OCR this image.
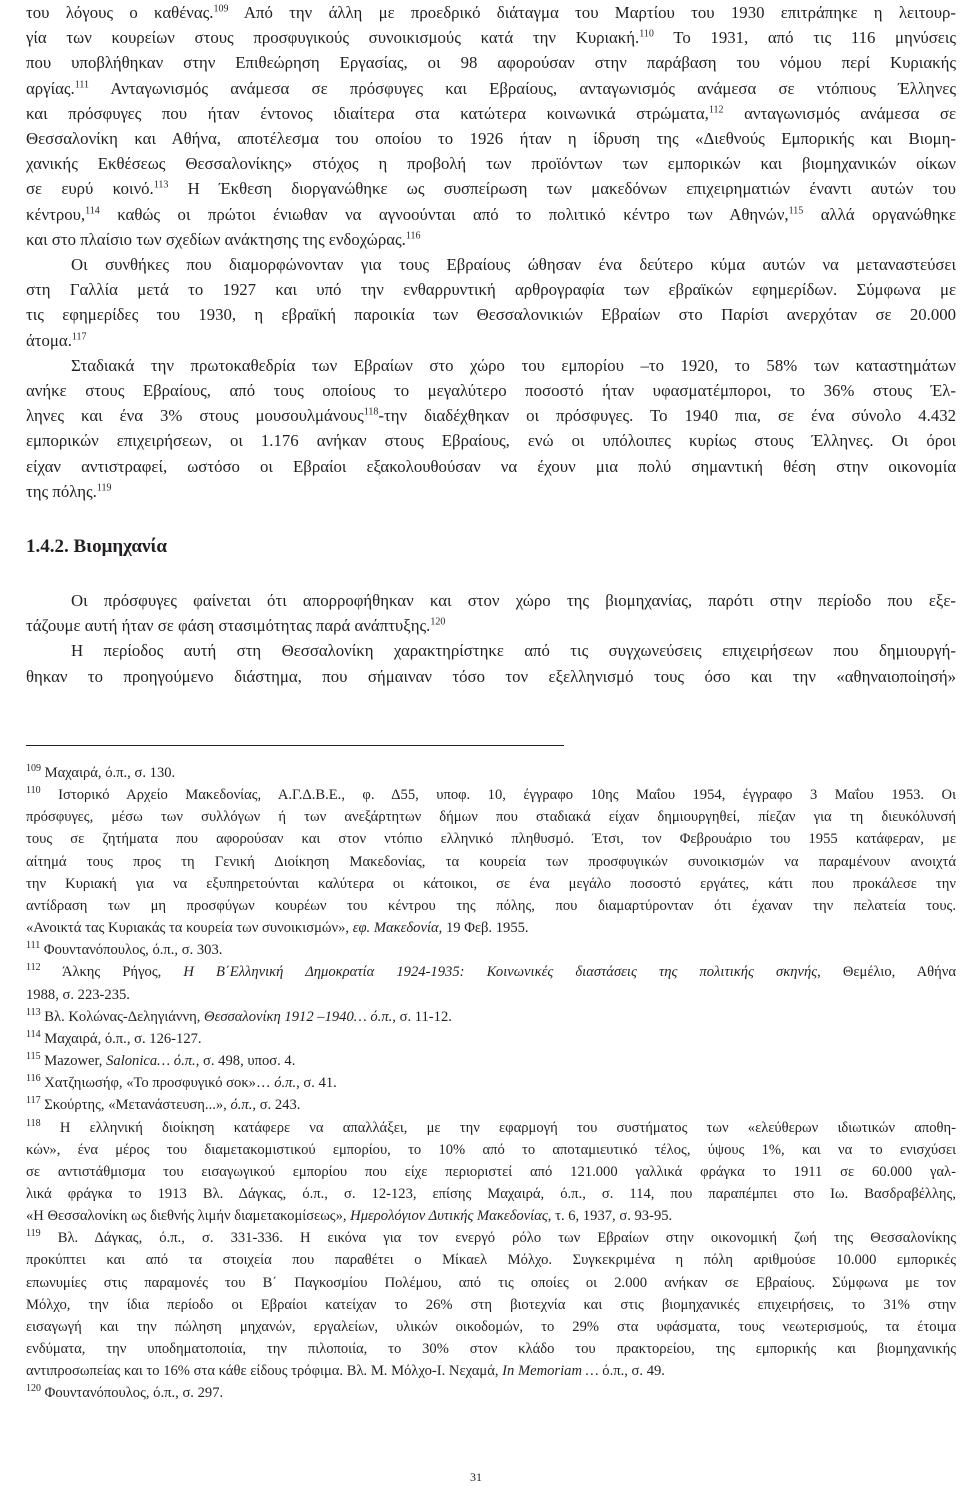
του λόγους ο καθένας.$^{109}$ Από την άλλη με προεδρικό διάταγμα του Μαρτίου του 1930 επιτράπηκε η λειτουρ-
γία των κουρείων στους προσφυγικούς συνοικισμούς κατά την Κυριακή.$^{110}$ Το 1931, από τις 116 μηνύσεις
που υποβλήθηκαν στην Επιθεώρηση Εργασίας, οι 98 αφορούσαν στην παράβαση του νόμου περί Κυριακής
αργίας.$^{111}$ Ανταγωνισμός ανάμεσα σε πρόσφυγες και Εβραίους, ανταγωνισμός ανάμεσα σε ντόπιους Έλληνες
και πρόσφυγες που ήταν έντονος ιδιαίτερα στα κατώτερα κοινωνικά στρώματα,$^{112}$ ανταγωνισμός ανάμεσα σε
Θεσσαλονίκη και Αθήνα, αποτέλεσμα του οποίου το 1926 ήταν η ίδρυση της «Διεθνούς Εμπορικής και Βιομη-
χανικής Εκθέσεως Θεσσαλονίκης» στόχος η προβολή των προϊόντων των εμπορικών και βιομηχανικών οίκων
σε ευρύ κοινό.$^{113}$ Η Έκθεση διοργανώθηκε ως συσπείρωση των μακεδόνων επιχειρηματιών έναντι αυτών του
κέντρου,$^{114}$ καθώς οι πρώτοι ένιωθαν να αγνοούνται από το πολιτικό κέντρο των Αθηνών,$^{115}$ αλλά οργανώθηκε
και στο πλαίσιο των σχεδίων ανάκτησης της ενδοχώρας.$^{116}$
Οι συνθήκες που διαμορφώνονταν για τους Εβραίους ώθησαν ένα δεύτερο κύμα αυτών να μεταναστεύσει
στη Γαλλία μετά το 1927 και υπό την ενθαρρυντική αρθρογραφία των εβραϊκών εφημερίδων. Σύμφωνα με
τις εφημερίδες του 1930, η εβραϊκή παροικία των Θεσσαλονικιών Εβραίων στο Παρίσι ανερχόταν σε 20.000
άτομα.$^{117}$
Σταδιακά την πρωτοκαθεδρία των Εβραίων στο χώρο του εμπορίου –το 1920, το 58% των καταστημάτων
ανήκε στους Εβραίους, από τους οποίους το μεγαλύτερο ποσοστό ήταν υφασματέμποροι, το 36% στους Έλ-
ληνες και ένα 3% στους μουσουλμάνους$^{118}$-την διαδέχθηκαν οι πρόσφυγες. Το 1940 πια, σε ένα σύνολο 4.432
εμπορικών επιχειρήσεων, οι 1.176 ανήκαν στους Εβραίους, ενώ οι υπόλοιπες κυρίως στους Έλληνες. Οι όροι
είχαν αντιστραφεί, ωστόσο οι Εβραίοι εξακολουθούσαν να έχουν μια πολύ σημαντική θέση στην οικονομία
της πόλης.$^{119}$
1.4.2. Βιομηχανία
Οι πρόσφυγες φαίνεται ότι απορροφήθηκαν και στον χώρο της βιομηχανίας, παρότι στην περίοδο που εξε-
τάζουμε αυτή ήταν σε φάση στασιμότητας παρά ανάπτυξης.$^{120}$
Η περίοδος αυτή στη Θεσσαλονίκη χαρακτηρίστηκε από τις συγχωνεύσεις επιχειρήσεων που δημιουργή-
θηκαν το προηγούμενο διάστημα, που σήμαιναν τόσο τον εξελληνισμό τους όσο και την «αθηναιοποίησή»
$^{109}$ Μαχαιρά, ό.π., σ. 130.
$^{110}$ Ιστορικό Αρχείο Μακεδονίας, Α.Γ.Δ.Β.Ε., φ. Δ55, υποφ. 10, έγγραφο 10ης Μαΐου 1954, έγγραφο 3 Μαΐου 1953. Οι
πρόσφυγες, μέσω των συλλόγων ή των ανεξάρτητων δήμων που σταδιακά είχαν δημιουργηθεί, πίεζαν για τη διευκόλυνσή
τους σε ζητήματα που αφορούσαν και στον ντόπιο ελληνικό πληθυσμό. Έτσι, τον Φεβρουάριο του 1955 κατάφεραν, με
αίτημά τους προς τη Γενική Διοίκηση Μακεδονίας, τα κουρεία των προσφυγικών συνοικισμών να παραμένουν ανοιχτά
την Κυριακή για να εξυπηρετούνται καλύτερα οι κάτοικοι, σε ένα μεγάλο ποσοστό εργάτες, κάτι που προκάλεσε την
αντίδραση των μη προσφύγων κουρέων του κέντρου της πόλης, που διαμαρτύρονταν ότι έχαναν την πελατεία τους.
«Ανοικτά τας Κυριακάς τα κουρεία των συνοικισμών», εφ. Μακεδονία, 19 Φεβ. 1955.
$^{111}$ Φουντανόπουλος, ό.π., σ. 303.
$^{112}$ Άλκης Ρήγος, Η Β΄Ελληνική Δημοκρατία 1924-1935: Κοινωνικές διαστάσεις της πολιτικής σκηνής, Θεμέλιο, Αθήνα
1988, σ. 223-235.
$^{113}$ Βλ. Κολώνας-Δεληγιάννη, Θεσσαλονίκη 1912 –1940… ό.π., σ. 11-12.
$^{114}$ Μαχαιρά, ό.π., σ. 126-127.
$^{115}$ Mazower, Salonica… ό.π., σ. 498, υποσ. 4.
$^{116}$ Χατζηιωσήφ, «Το προσφυγικό σοκ»… ό.π., σ. 41.
$^{117}$ Σκούρτης, «Μετανάστευση...», ό.π., σ. 243.
$^{118}$ Η ελληνική διοίκηση κατάφερε να απαλλάξει, με την εφαρμογή του συστήματος των «ελεύθερων ιδιωτικών αποθη-
κών», ένα μέρος του διαμετακομιστικού εμπορίου, το 10% από το αποταμιευτικό τέλος, ύψους 1%, και να το ενισχύσει
σε αντιστάθμισμα του εισαγωγικού εμπορίου που είχε περιοριστεί από 121.000 γαλλικά φράγκα το 1911 σε 60.000 γαλ-
λικά φράγκα το 1913 Βλ. Δάγκας, ό.π., σ. 12-123, επίσης Μαχαιρά, ό.π., σ. 114, που παραπέμπει στο Ιω. Βασδραβέλλης,
«Η Θεσσαλονίκη ως διεθνής λιμήν διαμετακομίσεως», Ημερολόγιον Δυτικής Μακεδονίας, τ. 6, 1937, σ. 93-95.
$^{119}$ Βλ. Δάγκας, ό.π., σ. 331-336. Η εικόνα για τον ενεργό ρόλο των Εβραίων στην οικονομική ζωή της Θεσσαλονίκης
προκύπτει και από τα στοιχεία που παραθέτει ο Μίκαελ Μόλχο. Συγκεκριμένα η πόλη αριθμούσε 10.000 εμπορικές
επωνυμίες στις παραμονές του Β΄ Παγκοσμίου Πολέμου, από τις οποίες οι 2.000 ανήκαν σε Εβραίους. Σύμφωνα με τον
Μόλχο, την ίδια περίοδο οι Εβραίοι κατείχαν το 26% στη βιοτεχνία και στις βιομηχανικές επιχειρήσεις, το 31% στην
εισαγωγή και την πώληση μηχανών, εργαλείων, υλικών οικοδομών, το 29% στα υφάσματα, τους νεωτερισμούς, τα έτοιμα
ενδύματα, την υποδηματοποιία, την πιλοποιία, το 30% στον κλάδο του πρακτορείου, της εμπορικής και βιομηχανικής
αντιπροσωπείας και το 16% στα κάθε είδους τρόφιμα. Βλ. Μ. Μόλχο-Ι. Νεχαμά, In Memoriam … ό.π., σ. 49.
$^{120}$ Φουντανόπουλος, ό.π., σ. 297.
31
